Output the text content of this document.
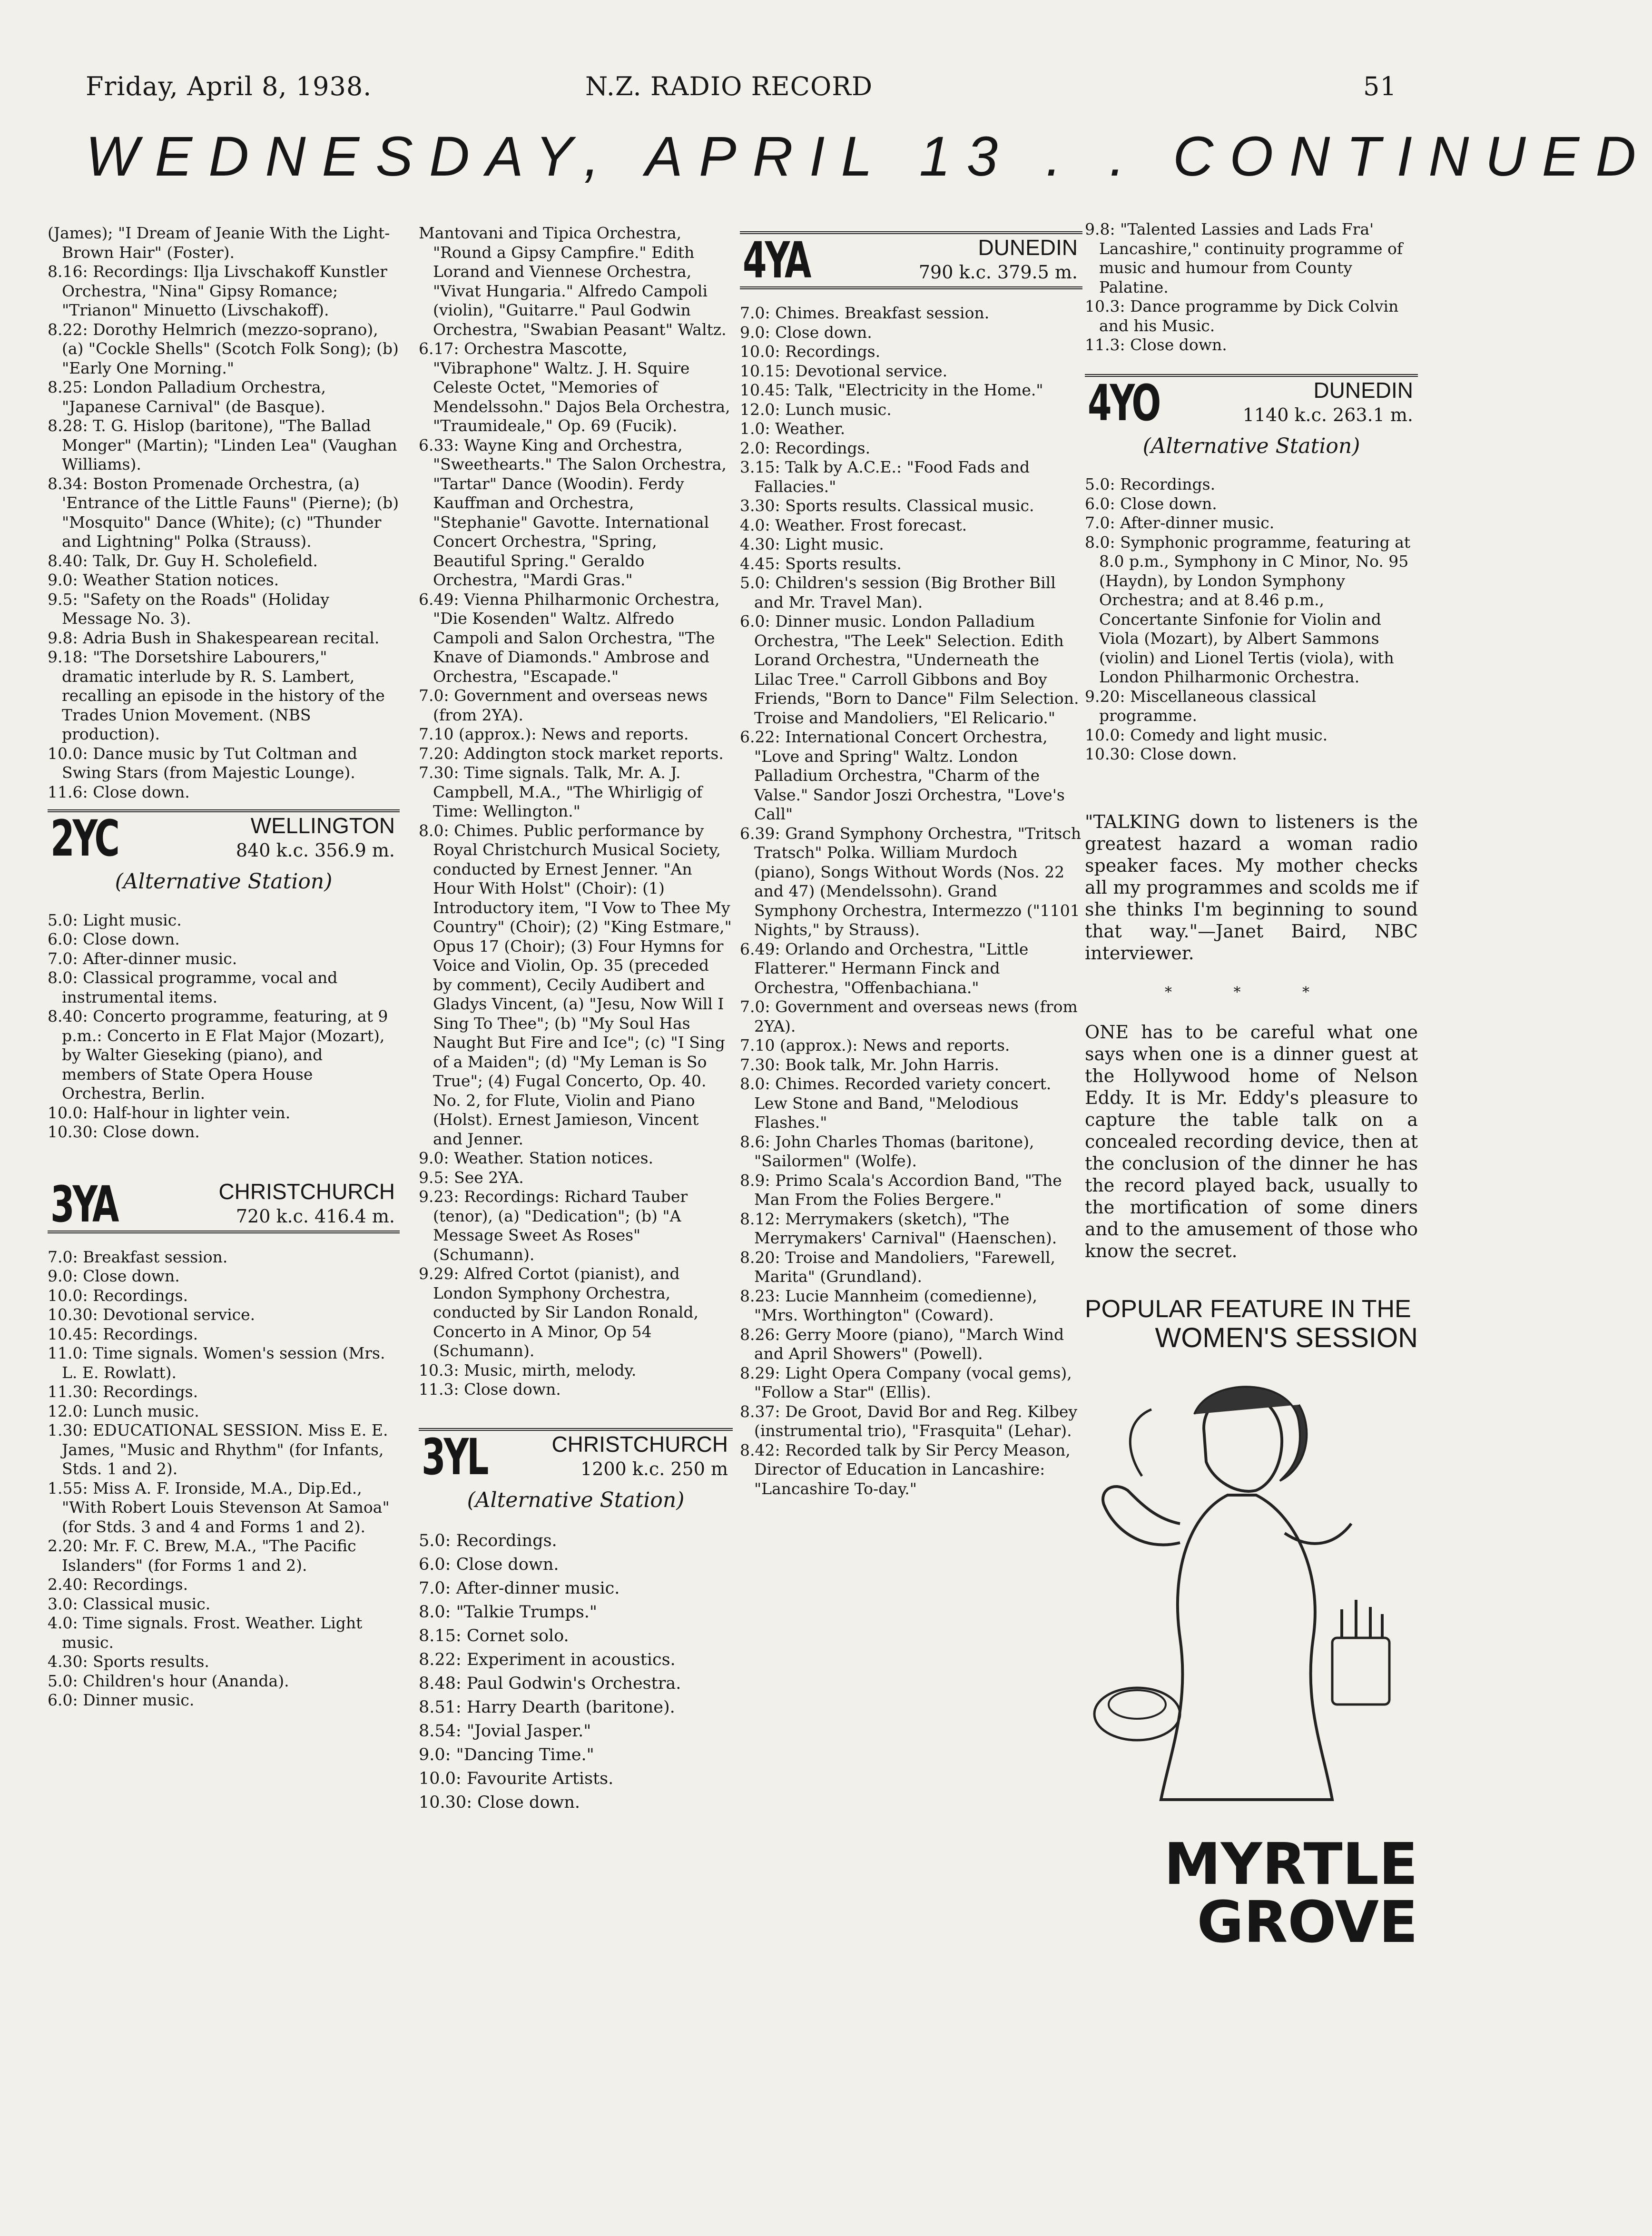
Friday, April 8, 1938.	N.Z. RADIO RECORD	51
WEDNESDAY, APRIL 13 . . CONTINUED

(James); "I Dream of Jeanie With the Light-Brown Hair" (Foster).

8.16: Recordings: Ilja Livschakoff Kunstler Orchestra, "Nina" Gipsy Romance; "Trianon" Minuetto (Livschakoff).

8.22: Dorothy Helmrich (mezzo-soprano), (a) "Cockle Shells" (Scotch Folk Song); (b) "Early One Morning."

8.25: London Palladium Orchestra, "Japanese Carnival" (de Basque).

8.28: T. G. Hislop (baritone), "The Ballad Monger" (Martin); "Linden Lea" (Vaughan Williams).

8.34: Boston Promenade Orchestra, (a) 'Entrance of the Little Fauns" (Pierne); (b) "Mosquito" Dance (White); (c) "Thunder and Lightning" Polka (Strauss).

8.40: Talk, Dr. Guy H. Scholefield.

9.0: Weather Station notices.

9.5: "Safety on the Roads" (Holiday Message No. 3).

9.8: Adria Bush in Shakespearean recital.

9.18: "The Dorsetshire Labourers," dramatic interlude by R. S. Lambert, recalling an episode in the history of the Trades Union Movement. (NBS production).

10.0: Dance music by Tut Coltman and Swing Stars (from Majestic Lounge).

11.6: Close down.

2YC	WELLINGTON
840 k.c. 356.9 m.
(Alternative Station)

5.0: Light music.

6.0: Close down.

7.0: After-dinner music.

8.0: Classical programme, vocal and instrumental items.

8.40: Concerto programme, featuring, at 9 p.m.: Concerto in E Flat Major (Mozart), by Walter Gieseking (piano), and members of State Opera House Orchestra, Berlin.

10.0: Half-hour in lighter vein.

10.30: Close down.

3YA	CHRISTCHURCH
720 k.c. 416.4 m.

7.0: Breakfast session.

9.0: Close down.

10.0: Recordings.

10.30: Devotional service.

10.45: Recordings.

11.0: Time signals. Women's session (Mrs. L. E. Rowlatt).

11.30: Recordings.

12.0: Lunch music.

1.30: EDUCATIONAL SESSION. Miss E. E. James, "Music and Rhythm" (for Infants, Stds. 1 and 2).

1.55: Miss A. F. Ironside, M.A., Dip.Ed., "With Robert Louis Stevenson At Samoa" (for Stds. 3 and 4 and Forms 1 and 2).

2.20: Mr. F. C. Brew, M.A., "The Pacific Islanders" (for Forms 1 and 2).

2.40: Recordings.

3.0: Classical music.

4.0: Time signals. Frost. Weather. Light music.

4.30: Sports results.

5.0: Children's hour (Ananda).

6.0: Dinner music.

Mantovani and Tipica Orchestra, "Round a Gipsy Campfire." Edith Lorand and Viennese Orchestra, "Vivat Hungaria." Alfredo Campoli (violin), "Guitarre." Paul Godwin Orchestra, "Swabian Peasant" Waltz.

6.17: Orchestra Mascotte, "Vibraphone" Waltz. J. H. Squire Celeste Octet, "Memories of Mendelssohn." Dajos Bela Orchestra, "Traumideale," Op. 69 (Fucik).

6.33: Wayne King and Orchestra, "Sweethearts." The Salon Orchestra, "Tartar" Dance (Woodin). Ferdy Kauffman and Orchestra, "Stephanie" Gavotte. International Concert Orchestra, "Spring, Beautiful Spring." Geraldo Orchestra, "Mardi Gras."

6.49: Vienna Philharmonic Orchestra, "Die Kosenden" Waltz. Alfredo Campoli and Salon Orchestra, "The Knave of Diamonds." Ambrose and Orchestra, "Escapade."

7.0: Government and overseas news (from 2YA).

7.10 (approx.): News and reports.

7.20: Addington stock market reports.

7.30: Time signals. Talk, Mr. A. J. Campbell, M.A., "The Whirligig of Time: Wellington."

8.0: Chimes. Public performance by Royal Christchurch Musical Society, conducted by Ernest Jenner. "An Hour With Holst" (Choir): (1) Introductory item, "I Vow to Thee My Country" (Choir); (2) "King Estmare," Opus 17 (Choir); (3) Four Hymns for Voice and Violin, Op. 35 (preceded by comment), Cecily Audibert and Gladys Vincent, (a) "Jesu, Now Will I Sing To Thee"; (b) "My Soul Has Naught But Fire and Ice"; (c) "I Sing of a Maiden"; (d) "My Leman is So True"; (4) Fugal Concerto, Op. 40. No. 2, for Flute, Violin and Piano (Holst). Ernest Jamieson, Vincent and Jenner.

9.0: Weather. Station notices.

9.5: See 2YA.

9.23: Recordings: Richard Tauber (tenor), (a) "Dedication"; (b) "A Message Sweet As Roses" (Schumann).

9.29: Alfred Cortot (pianist), and London Symphony Orchestra, conducted by Sir Landon Ronald, Concerto in A Minor, Op 54 (Schumann).

10.3: Music, mirth, melody.

11.3: Close down.

3YL	CHRISTCHURCH
1200 k.c. 250 m
(Alternative Station)

5.0: Recordings.

6.0: Close down.

7.0: After-dinner music.

8.0: "Talkie Trumps."

8.15: Cornet solo.

8.22: Experiment in acoustics.

8.48: Paul Godwin's Orchestra.

8.51: Harry Dearth (baritone).

8.54: "Jovial Jasper."

9.0: "Dancing Time."

10.0: Favourite Artists.

10.30: Close down.

4YA	DUNEDIN
790 k.c. 379.5 m.

7.0: Chimes. Breakfast session.

9.0: Close down.

10.0: Recordings.

10.15: Devotional service.

10.45: Talk, "Electricity in the Home."

12.0: Lunch music.

1.0: Weather.

2.0: Recordings.

3.15: Talk by A.C.E.: "Food Fads and Fallacies."

3.30: Sports results. Classical music.

4.0: Weather. Frost forecast.

4.30: Light music.

4.45: Sports results.

5.0: Children's session (Big Brother Bill and Mr. Travel Man).

6.0: Dinner music. London Palladium Orchestra, "The Leek" Selection. Edith Lorand Orchestra, "Underneath the Lilac Tree." Carroll Gibbons and Boy Friends, "Born to Dance" Film Selection. Troise and Mandoliers, "El Relicario."

6.22: International Concert Orchestra, "Love and Spring" Waltz. London Palladium Orchestra, "Charm of the Valse." Sandor Joszi Orchestra, "Love's Call"

6.39: Grand Symphony Orchestra, "Tritsch Tratsch" Polka. William Murdoch (piano), Songs Without Words (Nos. 22 and 47) (Mendelssohn). Grand Symphony Orchestra, Intermezzo ("1101 Nights," by Strauss).

6.49: Orlando and Orchestra, "Little Flatterer." Hermann Finck and Orchestra, "Offenbachiana."

7.0: Government and overseas news (from 2YA).

7.10 (approx.): News and reports.

7.30: Book talk, Mr. John Harris.

8.0: Chimes. Recorded variety concert. Lew Stone and Band, "Melodious Flashes."

8.6: John Charles Thomas (baritone), "Sailormen" (Wolfe).

8.9: Primo Scala's Accordion Band, "The Man From the Folies Bergere."

8.12: Merrymakers (sketch), "The Merrymakers' Carnival" (Haenschen).

8.20: Troise and Mandoliers, "Farewell, Marita" (Grundland).

8.23: Lucie Mannheim (comedienne), "Mrs. Worthington" (Coward).

8.26: Gerry Moore (piano), "March Wind and April Showers" (Powell).

8.29: Light Opera Company (vocal gems), "Follow a Star" (Ellis).

8.37: De Groot, David Bor and Reg. Kilbey (instrumental trio), "Frasquita" (Lehar).

8.42: Recorded talk by Sir Percy Meason, Director of Education in Lancashire: "Lancashire To-day."

9.8: "Talented Lassies and Lads Fra' Lancashire," continuity programme of music and humour from County Palatine.

10.3: Dance programme by Dick Colvin and his Music.

11.3: Close down.

4YO	DUNEDIN
1140 k.c. 263.1 m.
(Alternative Station)

5.0: Recordings.

6.0: Close down.

7.0: After-dinner music.

8.0: Symphonic programme, featuring at 8.0 p.m., Symphony in C Minor, No. 95 (Haydn), by London Symphony Orchestra; and at 8.46 p.m., Concertante Sinfonie for Violin and Viola (Mozart), by Albert Sammons (violin) and Lionel Tertis (viola), with London Philharmonic Orchestra.

9.20: Miscellaneous classical programme.

10.0: Comedy and light music.

10.30: Close down.

"TALKING down to listeners is the greatest hazard a woman radio speaker faces. My mother checks all my programmes and scolds me if she thinks I'm beginning to sound that way."—Janet Baird, NBC interviewer.

* * *

ONE has to be careful what one says when one is a dinner guest at the Hollywood home of Nelson Eddy. It is Mr. Eddy's pleasure to capture the table talk on a concealed recording device, then at the conclusion of the dinner he has the record played back, usually to the mortification of some diners and to the amusement of those who know the secret.

POPULAR FEATURE IN THE
WOMEN'S SESSION
MYRTLE GROVE
